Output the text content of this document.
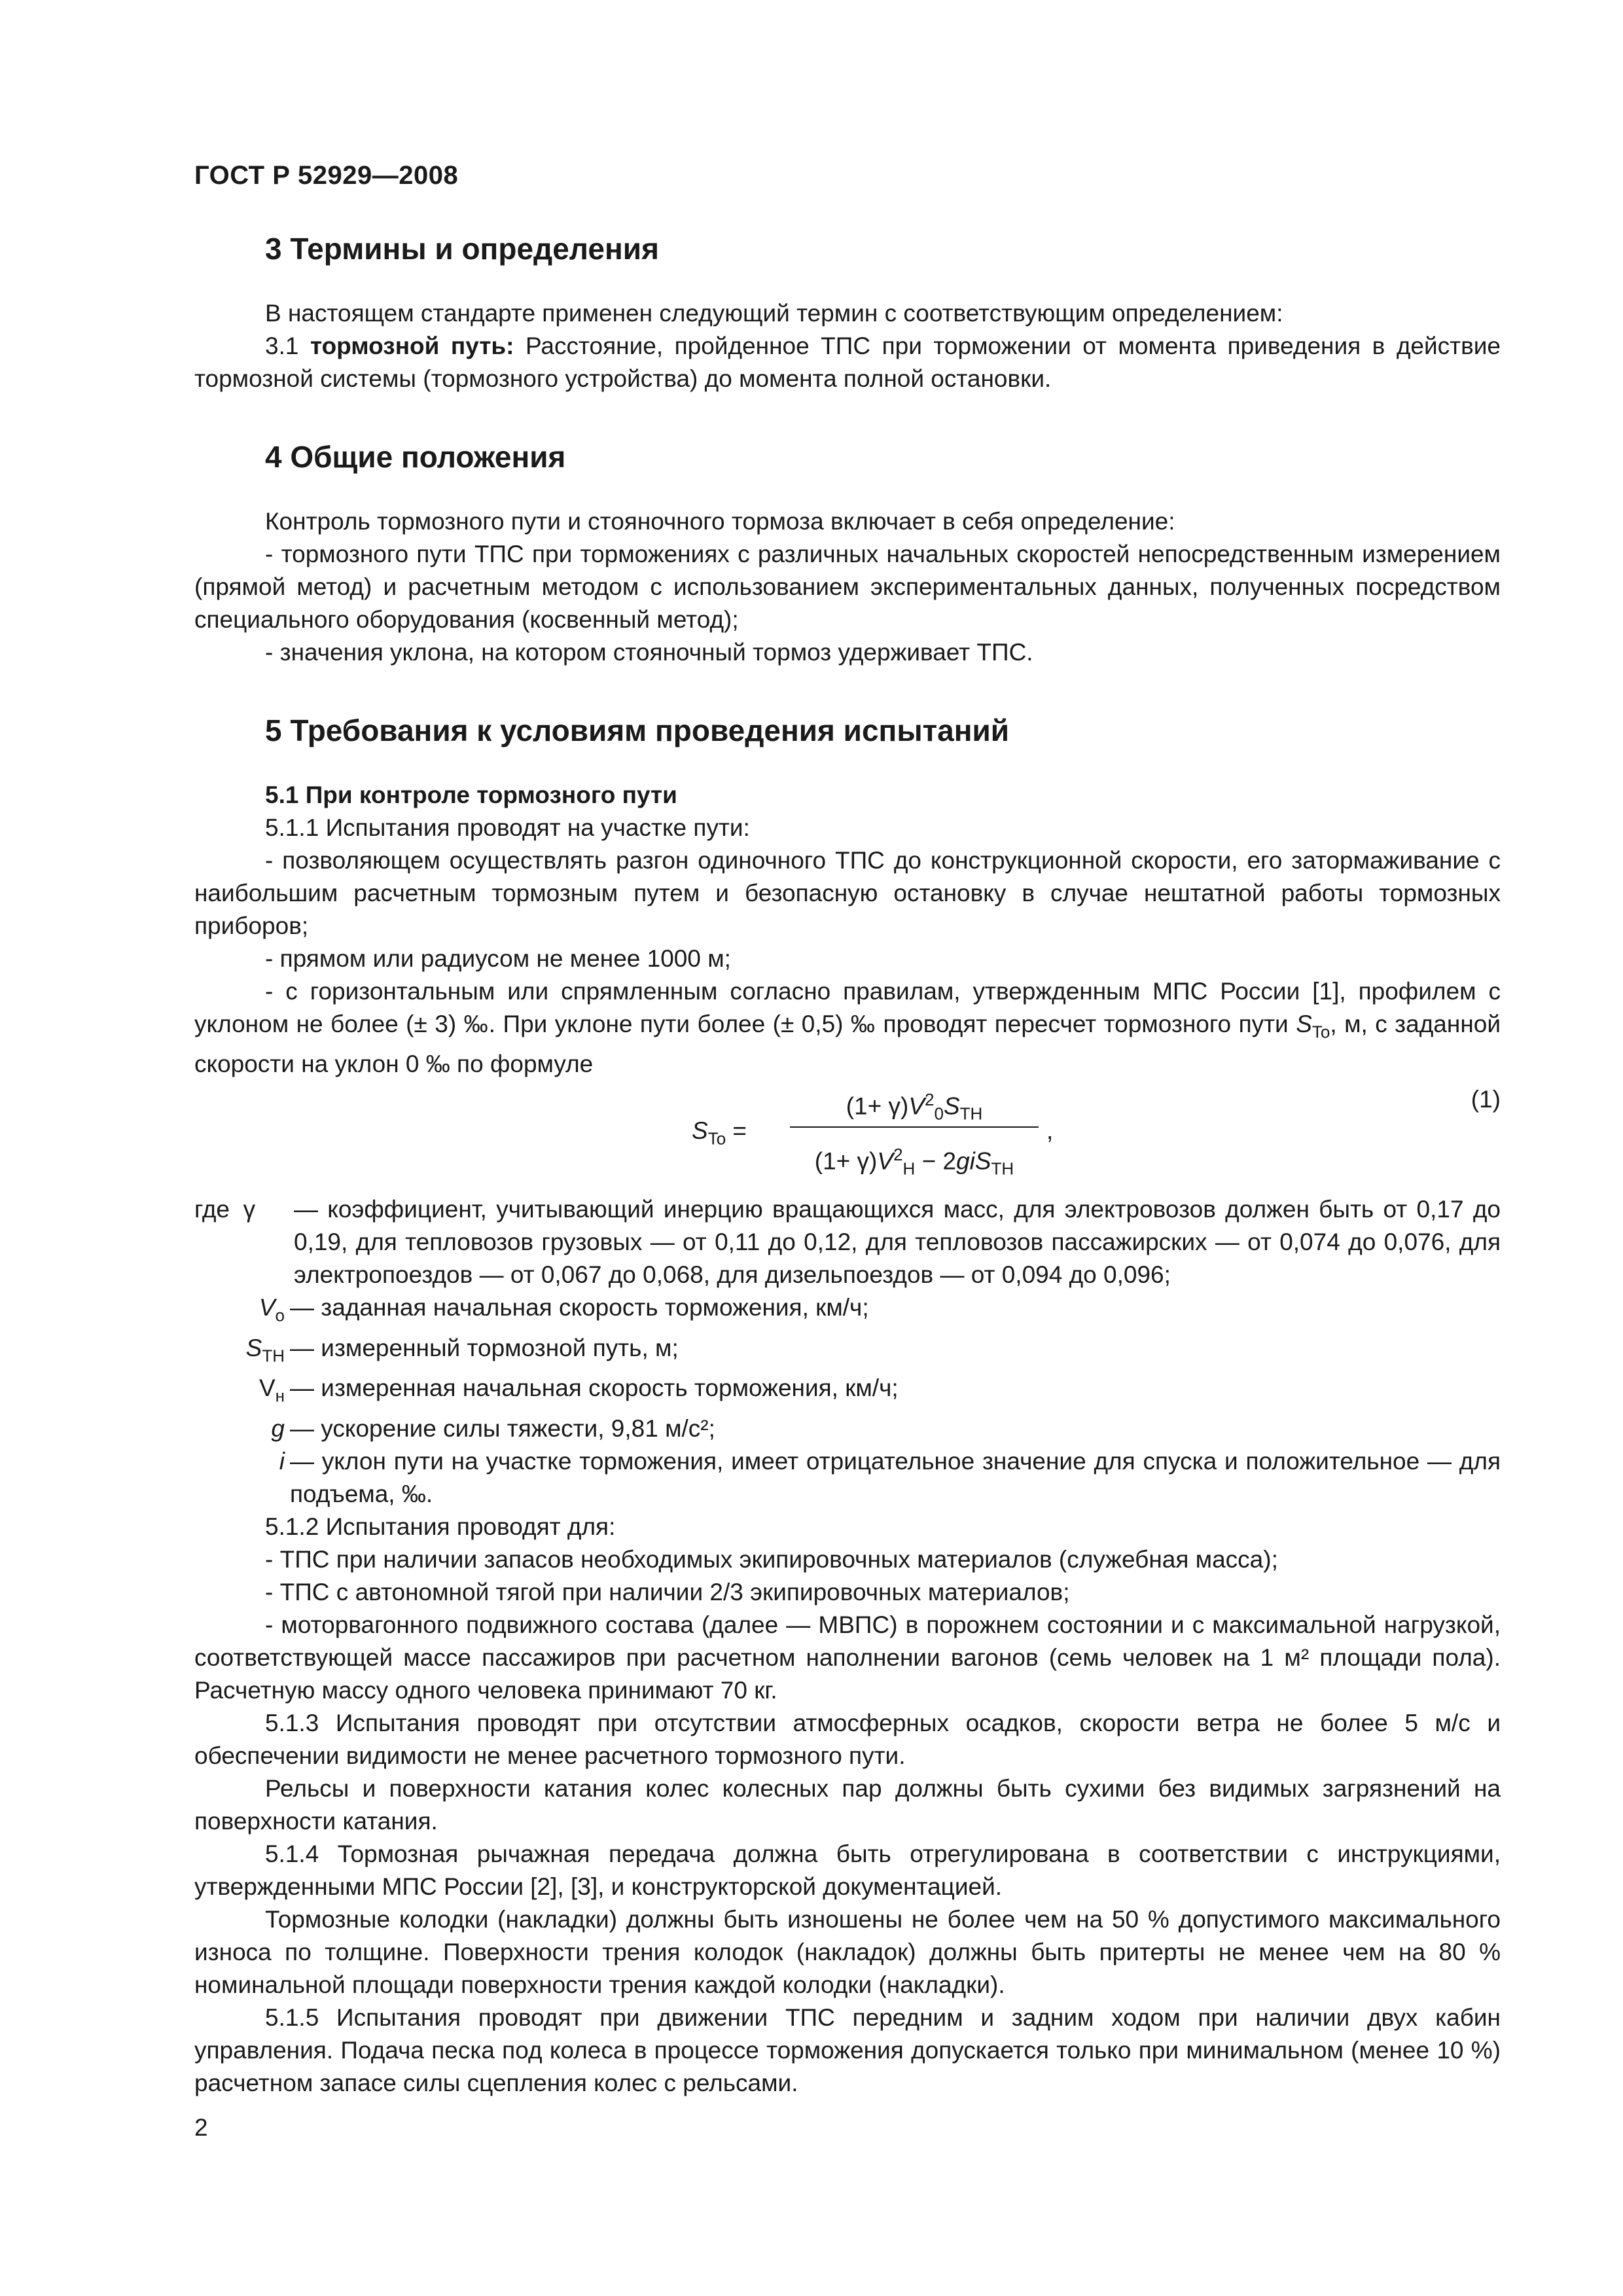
ГОСТ Р 52929—2008
3 Термины и определения

В настоящем стандарте применен следующий термин с соответствующим определением:

3.1 тормозной путь: Расстояние, пройденное ТПС при торможении от момента приведения в действие тормозной системы (тормозного устройства) до момента полной остановки.

4 Общие положения

Контроль тормозного пути и стояночного тормоза включает в себя определение:

- тормозного пути ТПС при торможениях с различных начальных скоростей непосредственным измерением (прямой метод) и расчетным методом с использованием экспериментальных данных, полученных посредством специального оборудования (косвенный метод);

- значения уклона, на котором стояночный тормоз удерживает ТПС.

5 Требования к условиям проведения испытаний
5.1 При контроле тормозного пути

5.1.1 Испытания проводят на участке пути:

- позволяющем осуществлять разгон одиночного ТПС до конструкционной скорости, его затормаживание с наибольшим расчетным тормозным путем и безопасную остановку в случае нештатной работы тормозных приборов;

- прямом или радиусом не менее 1000 м;

- с горизонтальным или спрямленным согласно правилам, утвержденным МПС России [1], профилем с уклоном не более (± 3) ‰. При уклоне пути более (± 0,5) ‰ проводят пересчет тормозного пути $S_{To}$, м, с заданной скорости на уклон 0 ‰ по формуле

$S_{To}$ =
$(1+ \gamma)V^2_0S_{TH}$
$(1+ \gamma)V^2_H - 2giS_{TH}$
,
(1)
где γ	— коэффициент, учитывающий инерцию вращающихся масс, для электровозов должен быть от 0,17 до 0,19, для тепловозов грузовых — от 0,11 до 0,12, для тепловозов пассажирских — от 0,074 до 0,076, для электропоездов — от 0,067 до 0,068, для дизельпоездов — от 0,094 до 0,096;
$V_o$ — заданная начальная скорость торможения, км/ч;
$S_{TH}$ — измеренный тормозной путь, м;
$V_н$ — измеренная начальная скорость торможения, км/ч;
g — ускорение силы тяжести, 9,81 м/с²;
i — уклон пути на участке торможения, имеет отрицательное значение для спуска и положительное — для подъема, ‰.

5.1.2 Испытания проводят для:

- ТПС при наличии запасов необходимых экипировочных материалов (служебная масса);

- ТПС с автономной тягой при наличии 2/3 экипировочных материалов;

- моторвагонного подвижного состава (далее — МВПС) в порожнем состоянии и с максимальной нагрузкой, соответствующей массе пассажиров при расчетном наполнении вагонов (семь человек на 1 м² площади пола). Расчетную массу одного человека принимают 70 кг.

5.1.3 Испытания проводят при отсутствии атмосферных осадков, скорости ветра не более 5 м/с и обеспечении видимости не менее расчетного тормозного пути.

Рельсы и поверхности катания колес колесных пар должны быть сухими без видимых загрязнений на поверхности катания.

5.1.4 Тормозная рычажная передача должна быть отрегулирована в соответствии с инструкциями, утвержденными МПС России [2], [3], и конструкторской документацией.

Тормозные колодки (накладки) должны быть изношены не более чем на 50 % допустимого максимального износа по толщине. Поверхности трения колодок (накладок) должны быть притерты не менее чем на 80 % номинальной площади поверхности трения каждой колодки (накладки).

5.1.5 Испытания проводят при движении ТПС передним и задним ходом при наличии двух кабин управления. Подача песка под колеса в процессе торможения допускается только при минимальном (менее 10 %) расчетном запасе силы сцепления колес с рельсами.

2
